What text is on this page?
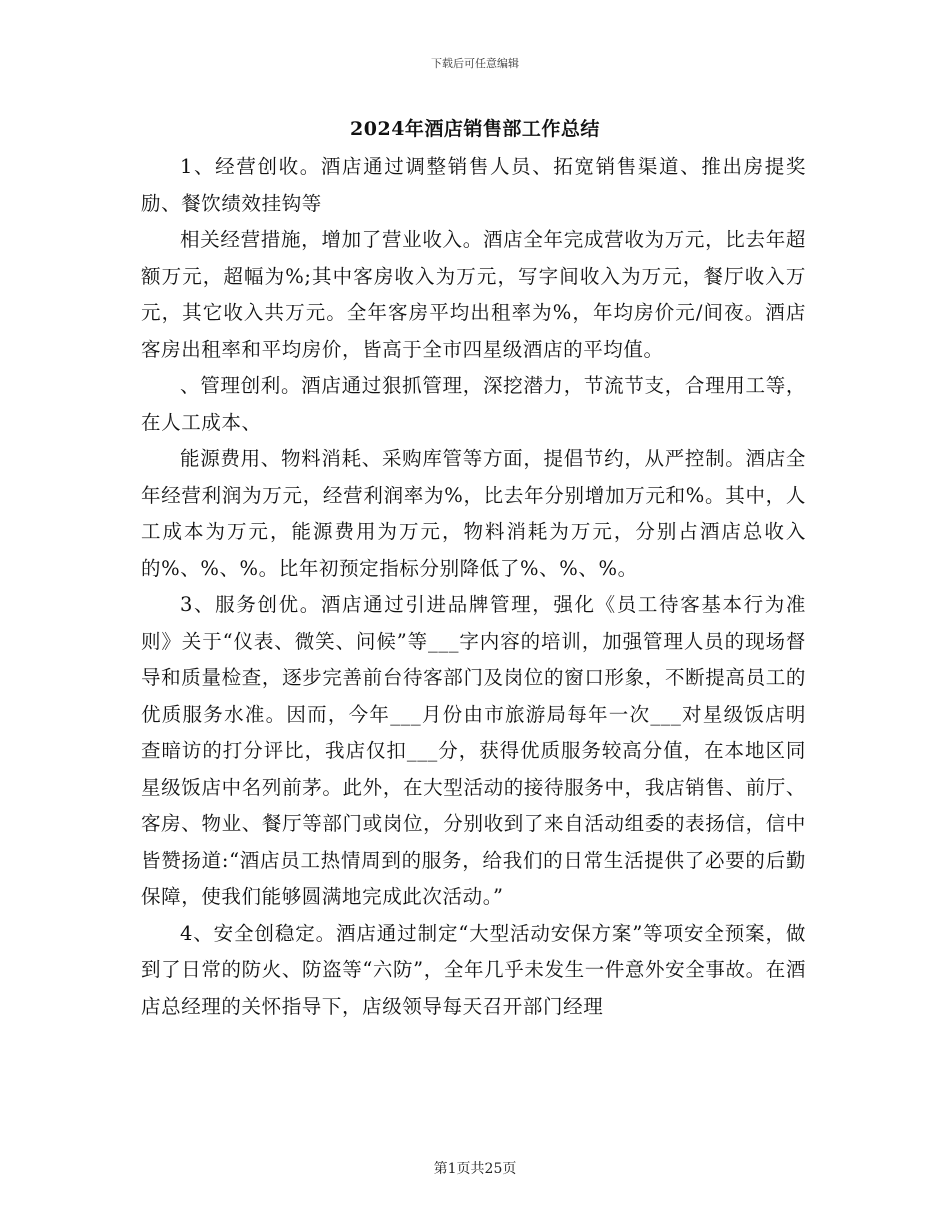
下载后可任意编辑
2024年酒店销售部工作总结

1、经营创收。酒店通过调整销售人员、拓宽销售渠道、推出房提奖励、餐饮绩效挂钩等

相关经营措施，增加了营业收入。酒店全年完成营收为万元，比去年超额万元，超幅为%;其中客房收入为万元，写字间收入为万元，餐厅收入万元，其它收入共万元。全年客房平均出租率为%，年均房价元/间夜。酒店客房出租率和平均房价，皆高于全市四星级酒店的平均值。

、管理创利。酒店通过狠抓管理，深挖潜力，节流节支，合理用工等，在人工成本、

能源费用、物料消耗、采购库管等方面，提倡节约，从严控制。酒店全年经营利润为万元，经营利润率为%，比去年分别增加万元和%。其中，人工成本为万元，能源费用为万元，物料消耗为万元，分别占酒店总收入的%、%、%。比年初预定指标分别降低了%、%、%。

3、服务创优。酒店通过引进品牌管理，强化《员工待客基本行为准则》关于“仪表、微笑、问候”等___字内容的培训，加强管理人员的现场督导和质量检查，逐步完善前台待客部门及岗位的窗口形象，不断提高员工的优质服务水准。因而，今年___月份由市旅游局每年一次___对星级饭店明查暗访的打分评比，我店仅扣___分，获得优质服务较高分值，在本地区同星级饭店中名列前茅。此外，在大型活动的接待服务中，我店销售、前厅、客房、物业、餐厅等部门或岗位，分别收到了来自活动组委的表扬信，信中皆赞扬道:“酒店员工热情周到的服务，给我们的日常生活提供了必要的后勤保障，使我们能够圆满地完成此次活动。”

4、安全创稳定。酒店通过制定“大型活动安保方案”等项安全预案，做到了日常的防火、防盗等“六防”，全年几乎未发生一件意外安全事故。在酒店总经理的关怀指导下，店级领导每天召开部门经理

第1页共25页
